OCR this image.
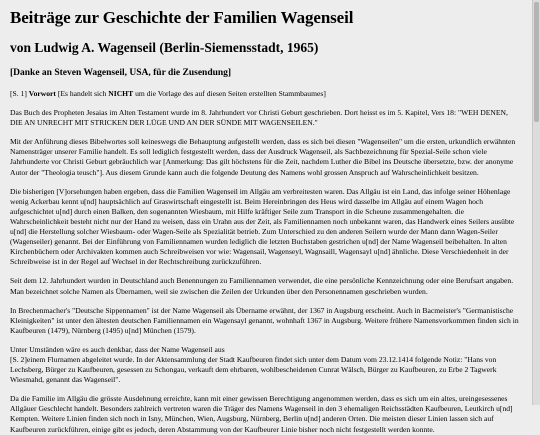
Beiträge zur Geschichte der Familien Wagenseil
von Ludwig A. Wagenseil (Berlin-Siemensstadt, 1965)
[Danke an Steven Wagenseil, USA, für die Zusendung]

[S. 1] Vorwort [Es handelt sich NICHT um die Vorlage des auf diesen Seiten erstellten Stammbaumes]

Das Buch des Propheten Jesaias im Alten Testament wurde im 8. Jahrhundert vor Christi Geburt geschrieben. Dort heisst es im 5. Kapitel, Vers 18: "WEH DENEN, DIE AN UNRECHT MIT STRICKEN DER LÜGE UND AN DER SÜNDE MIT WAGENSEILEN."

Mit der Anführung dieses Bibelwortes soll keineswegs die Behauptung aufgestellt werden, dass es sich bei diesen "Wagenseilen" um die ersten, urkundlich erwähnten Namensträger unserer Familie handelt. Es soll lediglich festgestellt werden, dass der Ausdruck Wagenseil, als Sachbezeichnung für Spezial-Seile schon viele Jahrhunderte vor Christi Geburt gebräuchlich war [Anmerkung: Das gilt höchstens für die Zeit, nachdem Luther die Bibel ins Deutsche übersetzte, bzw. der anonyme Autor der "Theologia teusch"]. Aus diesem Grunde kann auch die folgende Deutung des Namens wohl grossen Anspruch auf Wahrscheinlichkeit besitzen.

Die bisherigen [V]orsehungen haben ergeben, dass die Familien Wagenseil im Allgäu am verbreitesten waren. Das Allgäu ist ein Land, das infolge seiner Höhenlage wenig Ackerbau kennt u[nd] hauptsächlich auf Graswirtschaft eingestellt ist. Beim Hereinbringen des Heus wird dasselbe im Allgäu auf einem Wagen hoch aufgeschichtet u[nd] durch einen Balken, den sogenannten Wiesbaum, mit Hilfe kräftiger Seile zum Transport in die Scheune zusammengehalten. die Wahrscheinlichkeit besteht nicht nur der Hand zu weisen, dass ein Urahn aus der Zeit, als Familiennamen noch unbekannt waren, das Handwerk eines Seilers ausübte u[nd] die Herstellung solcher Wiesbaum- oder Wagen-Seile als Spezialität betrieb. Zum Unterschied zu den anderen Seilern wurde der Mann dann Wagen-Seiler (Wagenseiler) genannt. Bei der Einführung von Familiennamen wurden lediglich die letzten Buchstaben gestrichen u[nd] der Name Wagenseil beibehalten. In alten Kirchenbüchern oder Archivakten kommen auch Schreibweisen vor wie: Wagensail, Wagenseyl, Wagnsaill, Wagensayl u[nd] ähnliche. Diese Verschiedenheit in der Schreibweise ist in der Regel auf Wechsel in der Rechtschreibung zurückzuführen.

Seit dem 12. Jahrhundert wurden in Deutschland auch Benennungen zu Familiennamen verwendet, die eine persönliche Kennzeichnung oder eine Berufsart angaben. Man bezeichnet solche Namen als Übernamen, weil sie zwischen die Zeilen der Urkunden über den Personennamen geschrieben wurden.

In Brechenmacher's "Deutsche Sippennamen" ist der Name Wagenseil als Übername erwähnt, der 1367 in Augsburg erscheint. Auch in Bacmeister's "Germanistische Kleinigkeiten" ist unter den ältesten deutschen Familiennamen ein Wagensayl genannt, wohnhaft 1367 in Augsburg. Weitere frühere Namensvorkommen finden sich in Kaufbeuren (1479), Nürnberg (1495) u[nd] München (1579).

Unter Umständen wäre es auch denkbar, dass der Name Wagenseil aus
[S. 2]einem Flurnamen abgeleitet wurde. In der Aktensammlung der Stadt Kaufbeuren findet sich unter dem Datum vom 23.12.1414 folgende Notiz: "Hans von Lechsberg, Bürger zu Kaufbeuren, gesessen zu Schongau, verkauft dem ehrbaren, wohlbescheidenen Cunrat Wälsch, Bürger zu Kaufbeuren, zu Erbe 2 Tagwerk Wiesmahd, genannt das Wagenseil".

Da die Familie im Allgäu die grösste Ausdehnung erreichte, kann mit einer gewissen Berechtigung angenommen werden, dass es sich um ein altes, ureingesessenes Allgäuer Geschlecht handelt. Besonders zahlreich vertreten waren die Träger des Namens Wagenseil in den 3 ehemaligen Reichsstädten Kaufbeuren, Leutkirch u[nd] Kempten. Weitere Linien finden sich noch in Isny, München, Wien, Augsburg, Nürnberg, Berlin u[nd] anderen Orten. Die meisten dieser Linien lassen sich auf Kaufbeuren zurückführen, einige gibt es jedoch, deren Abstammung von der Kaufbeurer Linie bisher noch nicht festgestellt werden konnte.
